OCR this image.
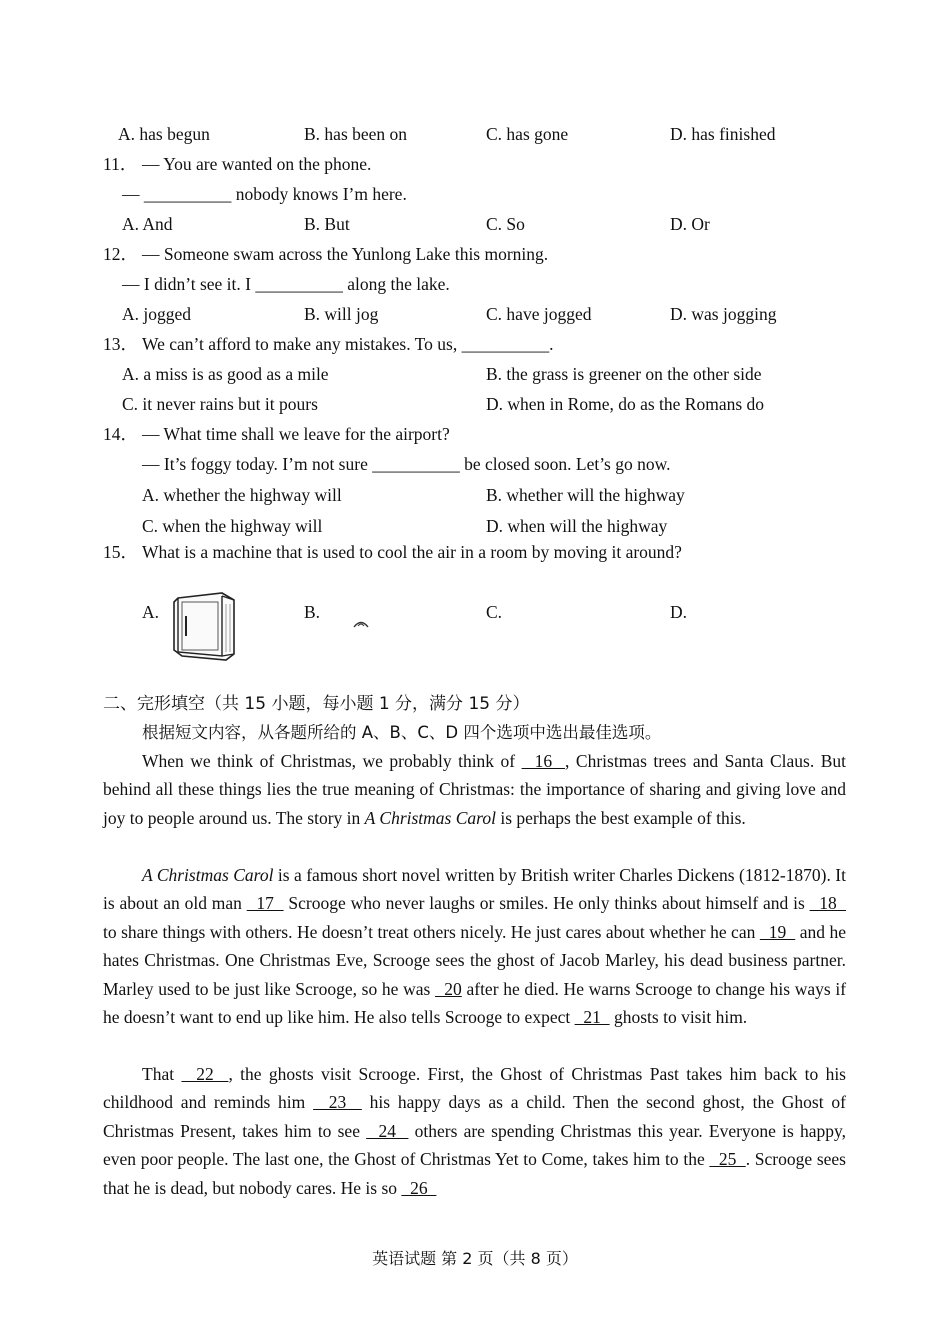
A. has begun	B. has been on	C. has gone	D. has finished
11． — You are wanted on the phone.
— __________ nobody knows I’m here.
A. And	B. But	C. So	D. Or
12． — Someone swam across the Yunlong Lake this morning.
— I didn’t see it. I __________ along the lake.
A. jogged	B. will jog	C. have jogged	D. was jogging
13． We can’t afford to make any mistakes. To us, __________.
A. a miss is as good as a mile	B. the grass is greener on the other side
C. it never rains but it pours	D. when in Rome, do as the Romans do
14． — What time shall we leave for the airport?
— It’s foggy today. I’m not sure __________ be closed soon. Let’s go now.
A. whether the highway will	B. whether will the highway
C. when the highway will	D. when will the highway
15． What is a machine that is used to cool the air in a room by moving it around?
A.	B.	C.	D.
二、完形填空（共 15 小题，每小题 1 分，满分 15 分）
根据短文内容，从各题所给的 A、B、C、D 四个选项中选出最佳选项。

When we think of Christmas, we probably think of   16  , Christmas trees and Santa Claus. But behind all these things lies the true meaning of Christmas: the importance of sharing and giving love and joy to people around us. The story in A Christmas Carol is perhaps the best example of this.

A Christmas Carol is a famous short novel written by British writer Charles Dickens (1812-1870). It is about an old man   17   Scrooge who never laughs or smiles. He only thinks about himself and is   18   to share things with others. He doesn’t treat others nicely. He just cares about whether he can   19   and he hates Christmas. One Christmas Eve, Scrooge sees the ghost of Jacob Marley, his dead business partner. Marley used to be just like Scrooge, so he was   20 after he died. He warns Scrooge to change his ways if he doesn’t want to end up like him. He also tells Scrooge to expect   21   ghosts to visit him.

That   22  , the ghosts visit Scrooge. First, the Ghost of Christmas Past takes him back to his childhood and reminds him   23   his happy days as a child. Then the second ghost, the Ghost of Christmas Present, takes him to see   24   others are spending Christmas this year. Everyone is happy, even poor people. The last one, the Ghost of Christmas Yet to Come, takes him to the   25  . Scrooge sees that he is dead, but nobody cares. He is so   26

英语试题 第 2 页（共 8 页）
